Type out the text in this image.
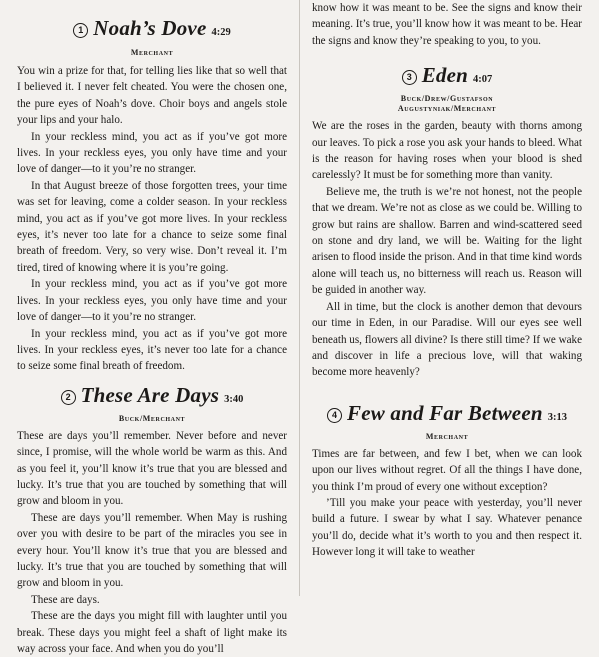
1 Noah’s Dove 4:29
Merchant

You win a prize for that, for telling lies like that so well that I believed it. I never felt cheated. You were the chosen one, the pure eyes of Noah’s dove. Choir boys and angels stole your lips and your halo.

In your reckless mind, you act as if you’ve got more lives. In your reckless eyes, you only have time and your love of danger—to it you’re no stranger.

In that August breeze of those forgotten trees, your time was set for leaving, come a colder season. In your reckless mind, you act as if you’ve got more lives. In your reckless eyes, it’s never too late for a chance to seize some final breath of freedom. Very, so very wise. Don’t reveal it. I’m tired, tired of knowing where it is you’re going.

In your reckless mind, you act as if you’ve got more lives. In your reckless eyes, you only have time and your love of danger—to it you’re no stranger.

In your reckless mind, you act as if you’ve got more lives. In your reckless eyes, it’s never too late for a chance to seize some final breath of freedom.

2 These Are Days 3:40
Buck/Merchant

These are days you’ll remember. Never before and never since, I promise, will the whole world be warm as this. And as you feel it, you’ll know it’s true that you are blessed and lucky. It’s true that you are touched by something that will grow and bloom in you.

These are days you’ll remember. When May is rushing over you with desire to be part of the miracles you see in every hour. You’ll know it’s true that you are blessed and lucky. It’s true that you are touched by something that will grow and bloom in you.

These are days.

These are the days you might fill with laughter until you break. These days you might feel a shaft of light make its way across your face. And when you do you’ll

know how it was meant to be. See the signs and know their meaning. It’s true, you’ll know how it was meant to be. Hear the signs and know they’re speaking to you, to you.

3 Eden 4:07
Buck/Drew/Gustafson
Augustyniak/Merchant

We are the roses in the garden, beauty with thorns among our leaves. To pick a rose you ask your hands to bleed. What is the reason for having roses when your blood is shed carelessly? It must be for something more than vanity.

Believe me, the truth is we’re not honest, not the people that we dream. We’re not as close as we could be. Willing to grow but rains are shallow. Barren and wind-scattered seed on stone and dry land, we will be. Waiting for the light arisen to flood inside the prison. And in that time kind words alone will teach us, no bitterness will reach us. Reason will be guided in another way.

All in time, but the clock is another demon that devours our time in Eden, in our Paradise. Will our eyes see well beneath us, flowers all divine? Is there still time? If we wake and discover in life a precious love, will that waking become more heavenly?

4 Few and Far Between 3:13
Merchant

Times are far between, and few I bet, when we can look upon our lives without regret. Of all the things I have done, you think I’m proud of every one without exception?

’Till you make your peace with yesterday, you’ll never build a future. I swear by what I say. Whatever penance you’ll do, decide what it’s worth to you and then respect it. However long it will take to weather
